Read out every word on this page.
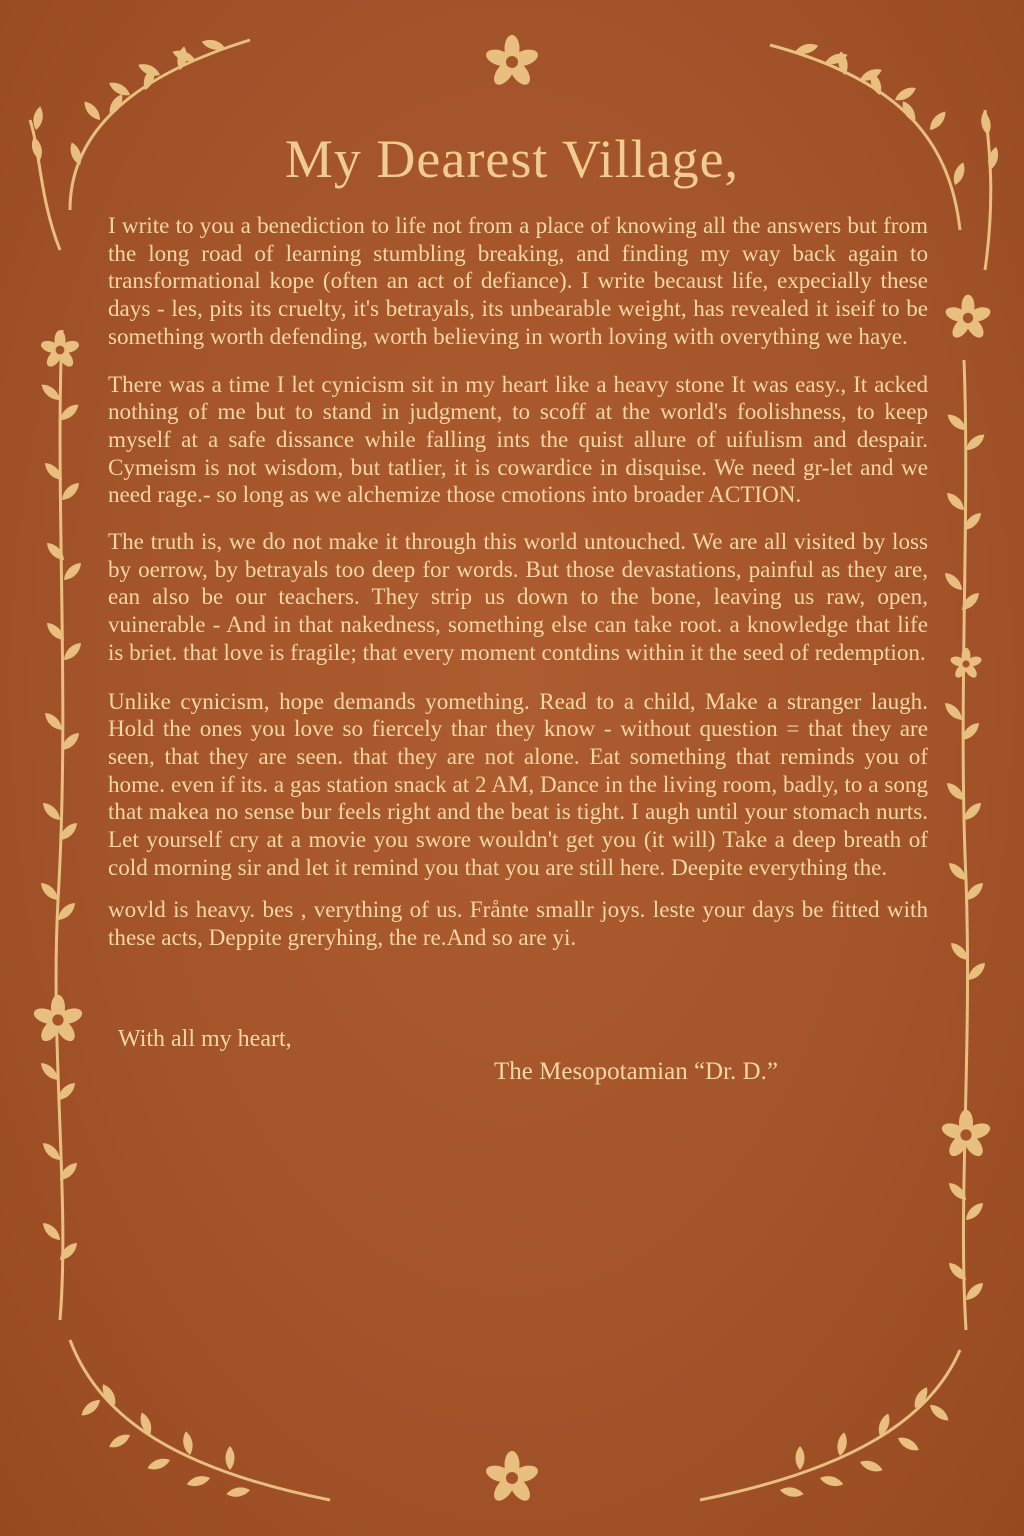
My Dearest Village,

I write to you a benediction to life not from a place of knowing all the answers but from the long road of learning stumbling breaking, and finding my way back again to transformational kope (often an act of defiance). I write becaust life, expecially these days - les, pits its cruelty, it's betrayals, its unbearable weight, has revealed it iseif to be something worth defending, worth believing in worth loving with overything we haye.

There was a time I let cynicism sit in my heart like a heavy stone It was easy., It acked nothing of me but to stand in judgment, to scoff at the world's foolishness, to keep myself at a safe dissance while falling ints the quist allure of uifulism and despair. Cymeism is not wisdom, but tatlier, it is cowardice in disquise. We need gr-let and we need rage.- so long as we alchemize those cmotions into broader ACTION.

The truth is, we do not make it through this world untouched. We are all visited by loss by oerrow, by betrayals too deep for words. But those devastations, painful as they are, ean also be our teachers. They strip us down to the bone, leaving us raw, open, vuinerable - And in that nakedness, something else can take root. a knowledge that life is briet. that love is fragile; that every moment contdins within it the seed of redemption.

Unlike cynicism, hope demands yomething. Read to a child, Make a stranger laugh. Hold the ones you love so fiercely thar they know - without question = that they are seen, that they are seen. that they are not alone. Eat something that reminds you of home. even if its. a gas station snack at 2 AM, Dance in the living room, badly, to a song that makea no sense bur feels right and the beat is tight. I augh until your stomach nurts. Let yourself cry at a movie you swore wouldn't get you (it will) Take a deep breath of cold morning sir and let it remind you that you are still here. Deepite everything the.

wovld is heavy. bes , verything of us. Frånte smallr joys. leste your days be fitted with these acts, Deppite greryhing, the re.And so are yi.

With all my heart,
The Mesopotamian “Dr. D.”
